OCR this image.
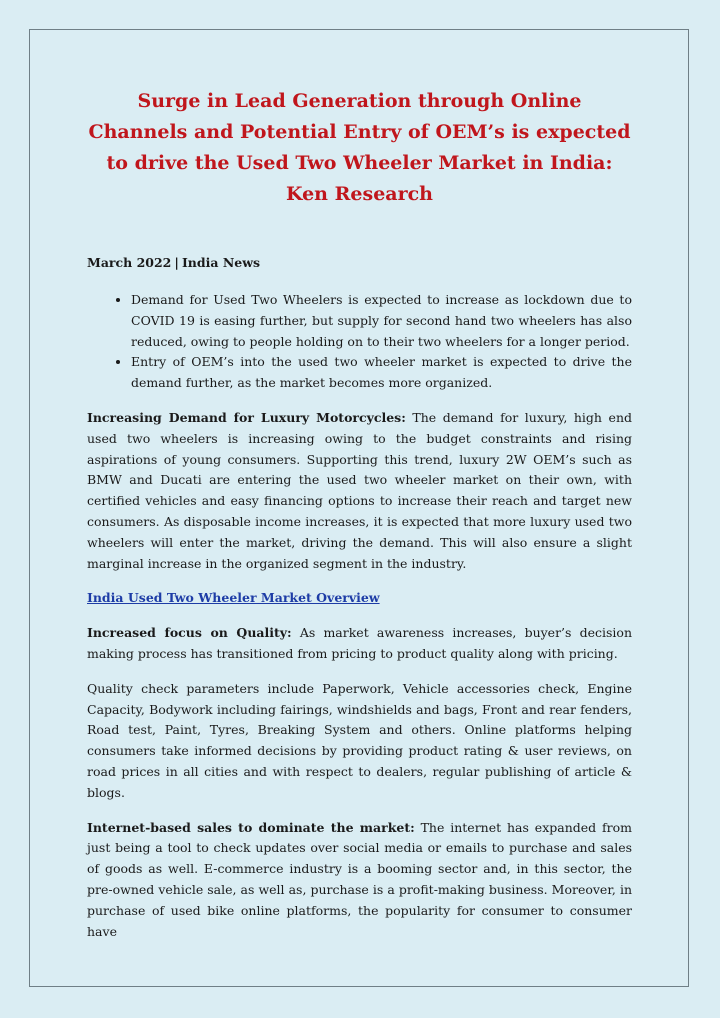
Surge in Lead Generation through Online Channels and Potential Entry of OEM’s is expected to drive the Used Two Wheeler Market in India: Ken Research
March 2022 | India News
• Demand for Used Two Wheelers is expected to increase as lockdown due to COVID 19 is easing further, but supply for second hand two wheelers has also reduced, owing to people holding on to their two wheelers for a longer period.
• Entry of OEM’s into the used two wheeler market is expected to drive the demand further, as the market becomes more organized.

Increasing Demand for Luxury Motorcycles: The demand for luxury, high end used two wheelers is increasing owing to the budget constraints and rising aspirations of young consumers. Supporting this trend, luxury 2W OEM’s such as BMW and Ducati are entering the used two wheeler market on their own, with certified vehicles and easy financing options to increase their reach and target new consumers. As disposable income increases, it is expected that more luxury used two wheelers will enter the market, driving the demand. This will also ensure a slight marginal increase in the organized segment in the industry.

India Used Two Wheeler Market Overview

Increased focus on Quality: As market awareness increases, buyer’s decision making process has transitioned from pricing to product quality along with pricing.

Quality check parameters include Paperwork, Vehicle accessories check, Engine Capacity, Bodywork including fairings, windshields and bags, Front and rear fenders, Road test, Paint, Tyres, Breaking System and others. Online platforms helping consumers take informed decisions by providing product rating & user reviews, on road prices in all cities and with respect to dealers, regular publishing of article & blogs.

Internet-based sales to dominate the market: The internet has expanded from just being a tool to check updates over social media or emails to purchase and sales of goods as well. E-commerce industry is a booming sector and, in this sector, the pre-owned vehicle sale, as well as, purchase is a profit-making business. Moreover, in purchase of used bike online platforms, the popularity for consumer to consumer have
